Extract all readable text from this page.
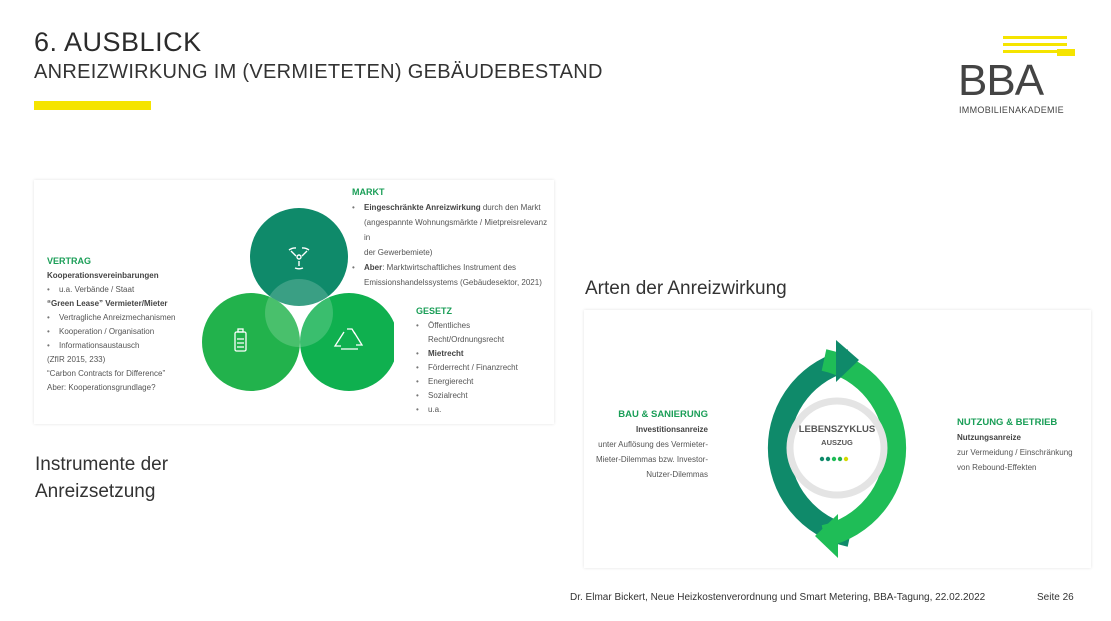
6. AUSBLICK
ANREIZWIRKUNG IM (VERMIETETEN) GEBÄUDEBESTAND	BBA
IMMOBILIENAKADEMIE
MARKT
• Eingeschränkte Anreizwirkung durch den Markt
(angespannte Wohnungsmärkte / Mietpreisrelevanz in
der Gewerbemiete)
• Aber: Marktwirtschaftliches Instrument des
Emissionshandelssystems (Gebäudesektor, 2021)
VERTRAG
Kooperationsvereinbarungen
• u.a. Verbände / Staat
“Green Lease” Vermieter/Mieter
• Vertragliche Anreizmechanismen
• Kooperation / Organisation
• Informationsaustausch
(ZfIR 2015, 233)
“Carbon Contracts for Difference”
Aber: Kooperationsgrundlage?
GESETZ
• Öffentliches
Recht/Ordnungsrecht
• Mietrecht
• Förderrecht / Finanzrecht
• Energierecht
• Sozialrecht
• u.a.
Instrumente der
Anreizsetzung
Arten der Anreizwirkung
LEBENSZYKLUS
AUSZUG
BAU & SANIERUNG
Investitionsanreize
unter Auflösung des Vermieter-
Mieter-Dilemmas bzw. Investor-
Nutzer-Dilemmas
NUTZUNG & BETRIEB
Nutzungsanreize
zur Vermeidung / Einschränkung
von Rebound-Effekten
Dr. Elmar Bickert, Neue Heizkostenverordnung und Smart Metering, BBA-Tagung, 22.02.2022	Seite 26
